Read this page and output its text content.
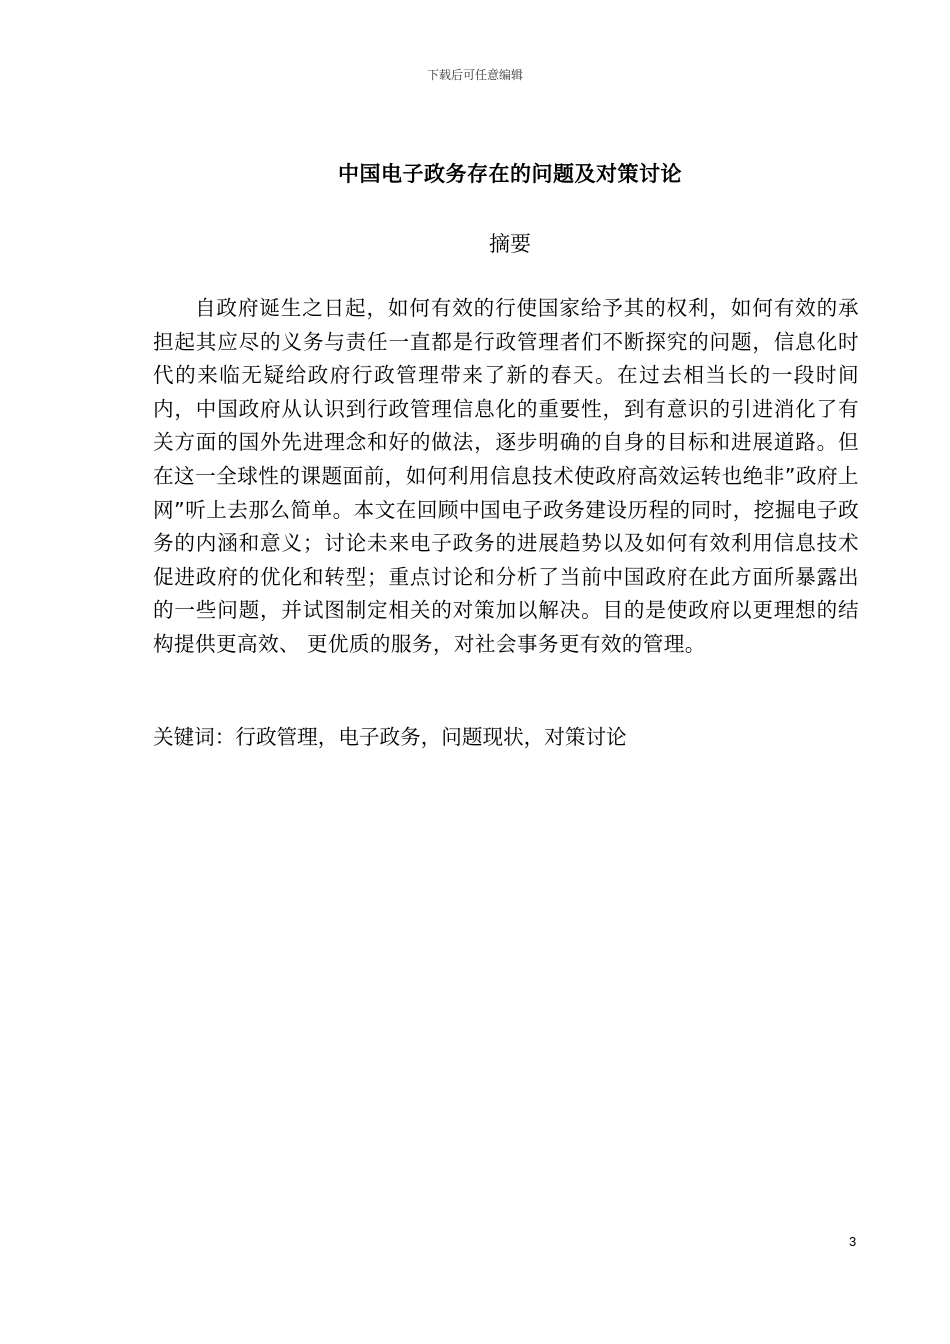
下载后可任意编辑
中国电子政务存在的问题及对策讨论
摘要

自政府诞生之日起，如何有效的行使国家给予其的权利，如何有效的承担起其应尽的义务与责任一直都是行政管理者们不断探究的问题，信息化时代的来临无疑给政府行政管理带来了新的春天。在过去相当长的一段时间内，中国政府从认识到行政管理信息化的重要性，到有意识的引进消化了有关方面的国外先进理念和好的做法，逐步明确的自身的目标和进展道路。但在这一全球性的课题面前，如何利用信息技术使政府高效运转也绝非”政府上网”听上去那么简单。本文在回顾中国电子政务建设历程的同时，挖掘电子政务的内涵和意义；讨论未来电子政务的进展趋势以及如何有效利用信息技术促进政府的优化和转型；重点讨论和分析了当前中国政府在此方面所暴露出的一些问题，并试图制定相关的对策加以解决。目的是使政府以更理想的结构提供更高效、 更优质的服务，对社会事务更有效的管理。

关键词：行政管理，电子政务，问题现状，对策讨论

3
